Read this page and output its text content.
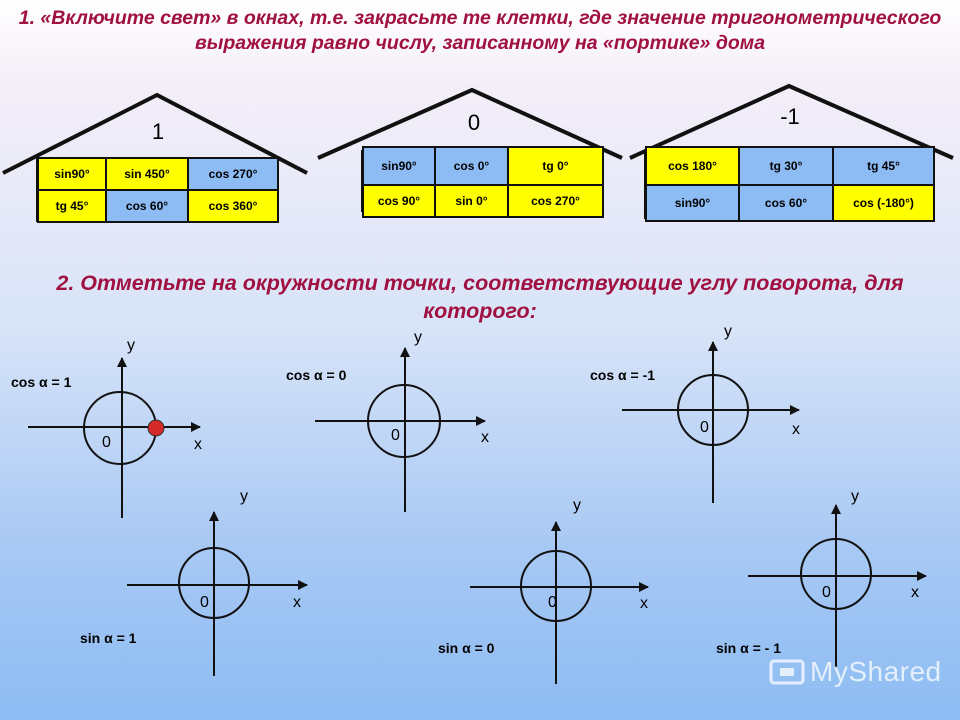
1. «Включите свет» в окнах, т.е. закрасьте те клетки, где значение тригонометрического выражения равно числу, записанному на «портике» дома

1
sin90°	sin 450°	cos 270°
tg 45°	cos 60°	cos 360°
0
sin90°	cos 0°	tg 0°
cos 90°	sin 0°	cos 270°
-1
cos 180°	tg 30°	tg 45°
sin90°	cos 60°	cos (-180°)

2. Отметьте на окружности точки, соответствующие углу поворота, для которого:

cos α = 1
y
x
0
cos α = 0
y
x
0
cos α = -1
y
x
0
sin α = 1
y
x
0
sin α = 0
y
x
0
sin α = - 1
y
x
0
MyShared
